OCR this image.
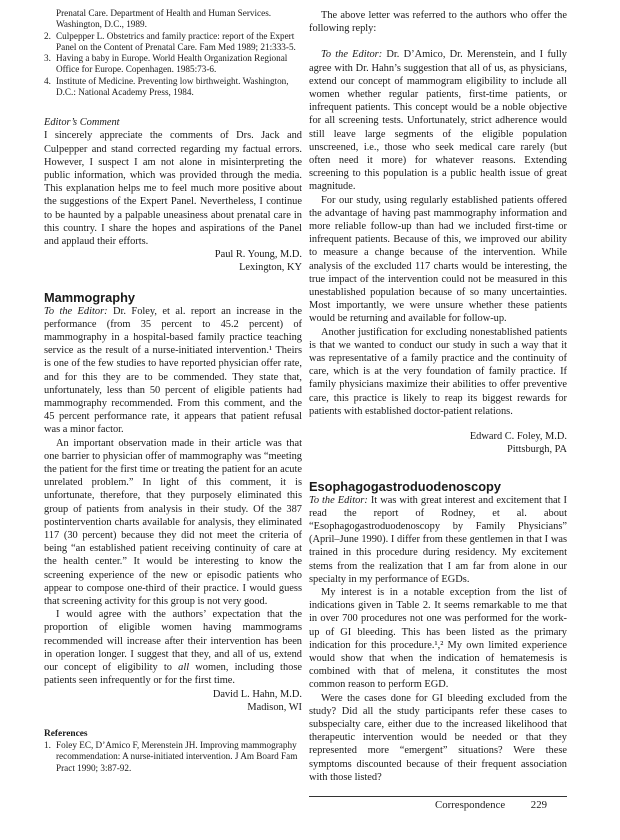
Prenatal Care. Department of Health and Human Services. Washington, D.C., 1989.
2. Culpepper L. Obstetrics and family practice: report of the Expert Panel on the Content of Prenatal Care. Fam Med 1989; 21:333-5.
3. Having a baby in Europe. World Health Organization Regional Office for Europe. Copenhagen. 1985:73-6.
4. Institute of Medicine. Preventing low birthweight. Washington, D.C.: National Academy Press, 1984.
Editor’s Comment

I sincerely appreciate the comments of Drs. Jack and Culpepper and stand corrected regarding my factual errors. However, I suspect I am not alone in misinterpreting the public information, which was provided through the media. This explanation helps me to feel much more positive about the suggestions of the Expert Panel. Nevertheless, I continue to be haunted by a palpable uneasiness about prenatal care in this country. I share the hopes and aspirations of the Panel and applaud their efforts.

Paul R. Young, M.D.
Lexington, KY
Mammography

To the Editor: Dr. Foley, et al. report an increase in the performance (from 35 percent to 45.2 percent) of mammography in a hospital-based family practice teaching service as the result of a nurse-initiated intervention.¹ Theirs is one of the few studies to have reported physician offer rate, and for this they are to be commended. They state that, unfortunately, less than 50 percent of eligible patients had mammography recommended. From this comment, and the 45 percent performance rate, it appears that patient refusal was a minor factor.

An important observation made in their article was that one barrier to physician offer of mammography was “meeting the patient for the first time or treating the patient for an acute unrelated problem.” In light of this comment, it is unfortunate, therefore, that they purposely eliminated this group of patients from analysis in their study. Of the 387 postintervention charts available for analysis, they eliminated 117 (30 percent) because they did not meet the criteria of being “an established patient receiving continuity of care at the health center.” It would be interesting to know the screening experience of the new or episodic patients who appear to compose one-third of their practice. I would guess that screening activity for this group is not very good.

I would agree with the authors’ expectation that the proportion of eligible women having mammograms recommended will increase after their intervention has been in operation longer. I suggest that they, and all of us, extend our concept of eligibility to all women, including those patients seen infrequently or for the first time.

David L. Hahn, M.D.
Madison, WI
References
1. Foley EC, D’Amico F, Merenstein JH. Improving mammography recommendation: A nurse-initiated intervention. J Am Board Fam Pract 1990; 3:87-92.

The above letter was referred to the authors who offer the following reply:

To the Editor: Dr. D’Amico, Dr. Merenstein, and I fully agree with Dr. Hahn’s suggestion that all of us, as physicians, extend our concept of mammogram eligibility to include all women whether regular patients, first-time patients, or infrequent patients. This concept would be a noble objective for all screening tests. Unfortunately, strict adherence would still leave large segments of the eligible population unscreened, i.e., those who seek medical care rarely (but often need it more) for whatever reasons. Extending screening to this population is a public health issue of great magnitude.

For our study, using regularly established patients offered the advantage of having past mammography information and more reliable follow-up than had we included first-time or infrequent patients. Because of this, we improved our ability to measure a change because of the intervention. While analysis of the excluded 117 charts would be interesting, the true impact of the intervention could not be measured in this unestablished population because of so many uncertainties. Most importantly, we were unsure whether these patients would be returning and available for follow-up.

Another justification for excluding nonestablished patients is that we wanted to conduct our study in such a way that it was representative of a family practice and the continuity of care, which is at the very foundation of family practice. If family physicians maximize their abilities to offer preventive care, this practice is likely to reap its biggest rewards for patients with established doctor-patient relations.

Edward C. Foley, M.D.
Pittsburgh, PA
Esophagogastroduodenoscopy

To the Editor: It was with great interest and excitement that I read the report of Rodney, et al. about “Esophagogastroduodenoscopy by Family Physicians” (April–June 1990). I differ from these gentlemen in that I was trained in this procedure during residency. My excitement stems from the realization that I am far from alone in our specialty in my performance of EGDs.

My interest is in a notable exception from the list of indications given in Table 2. It seems remarkable to me that in over 700 procedures not one was performed for the work-up of GI bleeding. This has been listed as the primary indication for this procedure.¹,² My own limited experience would show that when the indication of hematemesis is combined with that of melena, it constitutes the most common reason to perform EGD.

Were the cases done for GI bleeding excluded from the study? Did all the study participants refer these cases to subspecialty care, either due to the increased likelihood that therapeutic intervention would be needed or that they represented more “emergent” situations? Were these symptoms discounted because of their frequent association with those listed?

Correspondence 229
